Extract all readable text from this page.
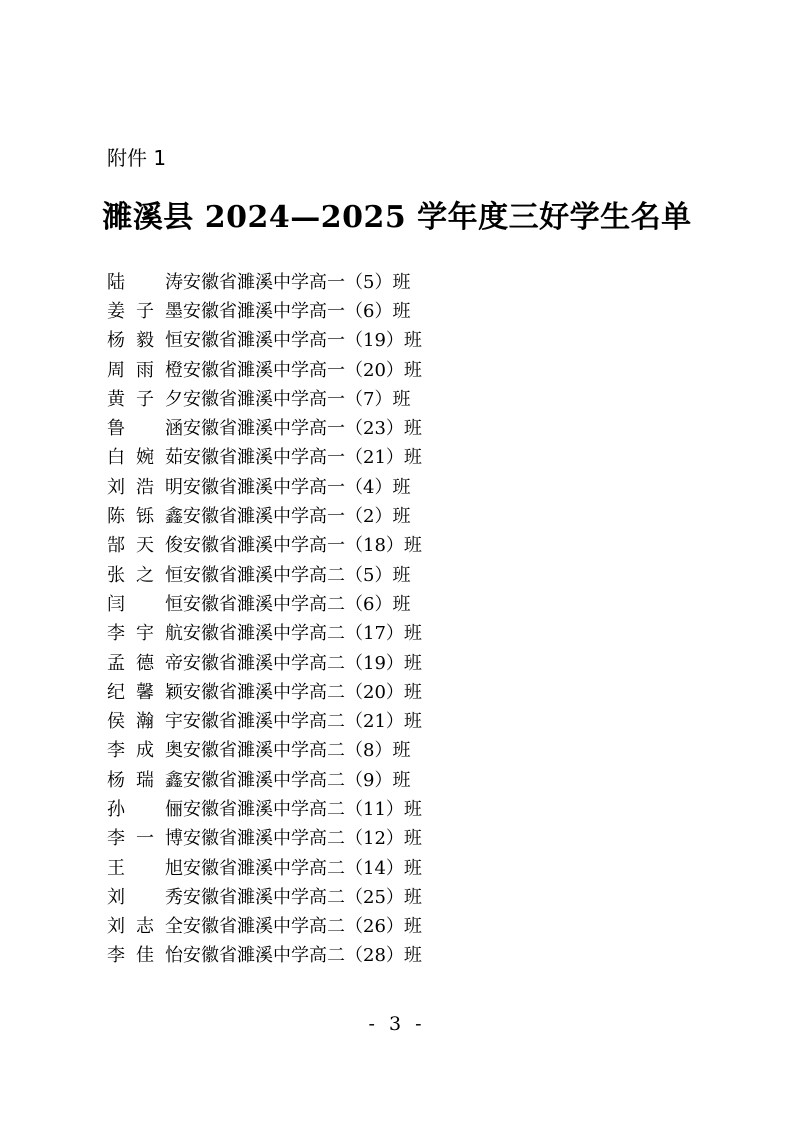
附件 1
濉溪县 2024—2025 学年度三好学生名单
陆
　 涛 安徽省濉溪中学高一（5）班
姜 子 墨 安徽省濉溪中学高一（6）班
杨 毅 恒 安徽省濉溪中学高一（19）班
周 雨 橙 安徽省濉溪中学高一（20）班
黄 子 夕 安徽省濉溪中学高一（7）班
鲁
　 涵 安徽省濉溪中学高一（23）班
白 婉 茹 安徽省濉溪中学高一（21）班
刘 浩 明 安徽省濉溪中学高一（4）班
陈 铄 鑫 安徽省濉溪中学高一（2）班
郜 天 俊 安徽省濉溪中学高一（18）班
张 之 恒 安徽省濉溪中学高二（5）班
闫
　 恒 安徽省濉溪中学高二（6）班
李 宇 航 安徽省濉溪中学高二（17）班
孟 德 帝 安徽省濉溪中学高二（19）班
纪 馨 颖 安徽省濉溪中学高二（20）班
侯 瀚 宇 安徽省濉溪中学高二（21）班
李 成 奥 安徽省濉溪中学高二（8）班
杨 瑞 鑫 安徽省濉溪中学高二（9）班
孙
　 俪 安徽省濉溪中学高二（11）班
李 一 博 安徽省濉溪中学高二（12）班
王
　 旭 安徽省濉溪中学高二（14）班
刘
　 秀 安徽省濉溪中学高二（25）班
刘 志 全 安徽省濉溪中学高二（26）班
李 佳 怡 安徽省濉溪中学高二（28）班
- 3 -
